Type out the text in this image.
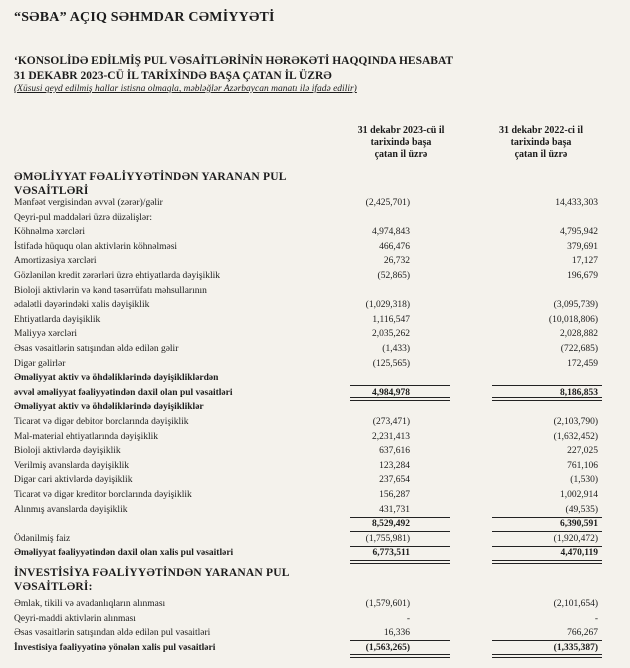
“SƏBA” AÇIQ SƏHMDAR CƏMİYYƏTİ
‘KONSOLİDƏ EDİLMİŞ PUL VƏSAİTLƏRİNİN HƏRƏKƏTİ HAQQINDA HESABAT
31 DEKABR 2023-CÜ İL TARİXİNDƏ BAŞA ÇATAN İL ÜZRƏ
(Xüsusi qeyd edilmiş hallar istisna olmaqla, məbləğlər Azərbaycan manatı ilə ifadə edilir)
31 dekabr 2023-cü il
tarixində başa
çatan il üzrə
31 dekabr 2022-ci il
tarixində başa
çatan il üzrə
ƏMƏLİYYAT FƏALİYYƏTİNDƏN YARANAN PUL
VƏSAİTLƏRİ
Mənfəət vergisindən əvvəl (zərər)/gəlir	(2,425,701)	14,433,303
Qeyri-pul maddələri üzrə düzəlişlər:
Köhnəlmə xərcləri	4,974,843	4,795,942
İstifadə hüququ olan aktivlərin köhnəlməsi	466,476	379,691
Amortizasiya xərcləri	26,732	17,127
Gözlənilən kredit zərərləri üzrə ehtiyatlarda dəyişiklik	(52,865)	196,679
Bioloji aktivlərin və kənd təsərrüfatı məhsullarının
ədalətli dəyərindəki xalis dəyişiklik	(1,029,318)	(3,095,739)
Ehtiyatlarda dəyişiklik	1,116,547	(10,018,806)
Maliyyə xərcləri	2,035,262	2,028,882
Əsas vəsaitlərin satışından əldə edilən gəlir	(1,433)	(722,685)
Digər gəlirlər	(125,565)	172,459
Əməliyyat aktiv və öhdəliklərində dəyişikliklərdən
əvvəl əməliyyat fəaliyyətindən daxil olan pul vəsaitləri	4,984,978	8,186,853
Əməliyyat aktiv və öhdəliklərində dəyişikliklər
Ticarət və digər debitor borclarında dəyişiklik	(273,471)	(2,103,790)
Mal-material ehtiyatlarında dəyişiklik	2,231,413	(1,632,452)
Bioloji aktivlərdə dəyişiklik	637,616	227,025
Verilmiş avanslarda dəyişiklik	123,284	761,106
Digər cari aktivlərdə dəyişiklik	237,654	(1,530)
Ticarət və digər kreditor borclarında dəyişiklik	156,287	1,002,914
Alınmış avanslarda dəyişiklik	431,731	(49,535)
8,529,492	6,390,591
Ödənilmiş faiz	(1,755,981)	(1,920,472)
Əməliyyat fəaliyyətindən daxil olan xalis pul vəsaitləri	6,773,511	4,470,119
İNVESTİSİYA FƏALİYYƏTİNDƏN YARANAN PUL
VƏSAİTLƏRİ:
Əmlak, tikili və avadanlıqların alınması	(1,579,601)	(2,101,654)
Qeyri-maddi aktivlərin alınması	-	-
Əsas vəsaitlərin satışından əldə edilən pul vəsaitləri	16,336	766,267
İnvestisiya fəaliyyətinə yönələn xalis pul vəsaitləri	(1,563,265)	(1,335,387)
